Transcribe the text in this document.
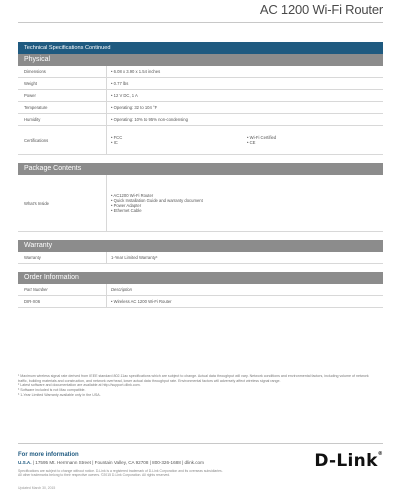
AC 1200 Wi-Fi Router
Technical Specifications Continued
Physical
Dimensions	• 6.08 x 3.90 x 1.54 inches
Weight	• 0.77 lbs
Power	• 12 V DC, 1 A
Temperature	• Operating: 32 to 104 °F
Humidity	• Operating: 10% to 95% non-condensing
Certifications	• FCC
• IC
• Wi-Fi Certified
• CE
Package Contents
What's Inside
• AC1200 Wi-Fi Router
• Quick Installation Guide and warranty document
• Power Adapter
• Ethernet Cable
Warranty
Warranty	1-Year Limited Warranty³
Order Information
Part Number	Description
DIR-X06	• Wireless AC 1200 Wi-Fi Router
¹ Maximum wireless signal rate derived from IEEE standard 802.11ac specifications which are subject to change. Actual data throughput will vary. Network conditions and environmental factors, including volume of network
traffic, building materials and construction, and network overhead, lower actual data throughput rate. Environmental factors will adversely affect wireless signal range.
² Latest software and documentation are available at http://support.dlink.com.
³ Software included is not Mac compatible.
³ 1-Year Limited Warranty available only in the USA.
For more information
U.S.A. | 17595 Mt. Herrmann Street | Fountain Valley, CA 92708 | 800-326-1688 | dlink.com
Specifications are subject to change without notice. D-Link is a registered trademark of D-Link Corporation and its overseas subsidiaries.
All other trademarks belong to their respective owners. ©2015 D-Link Corporation. All rights reserved.
Updated March 30, 2015
D-Link®
